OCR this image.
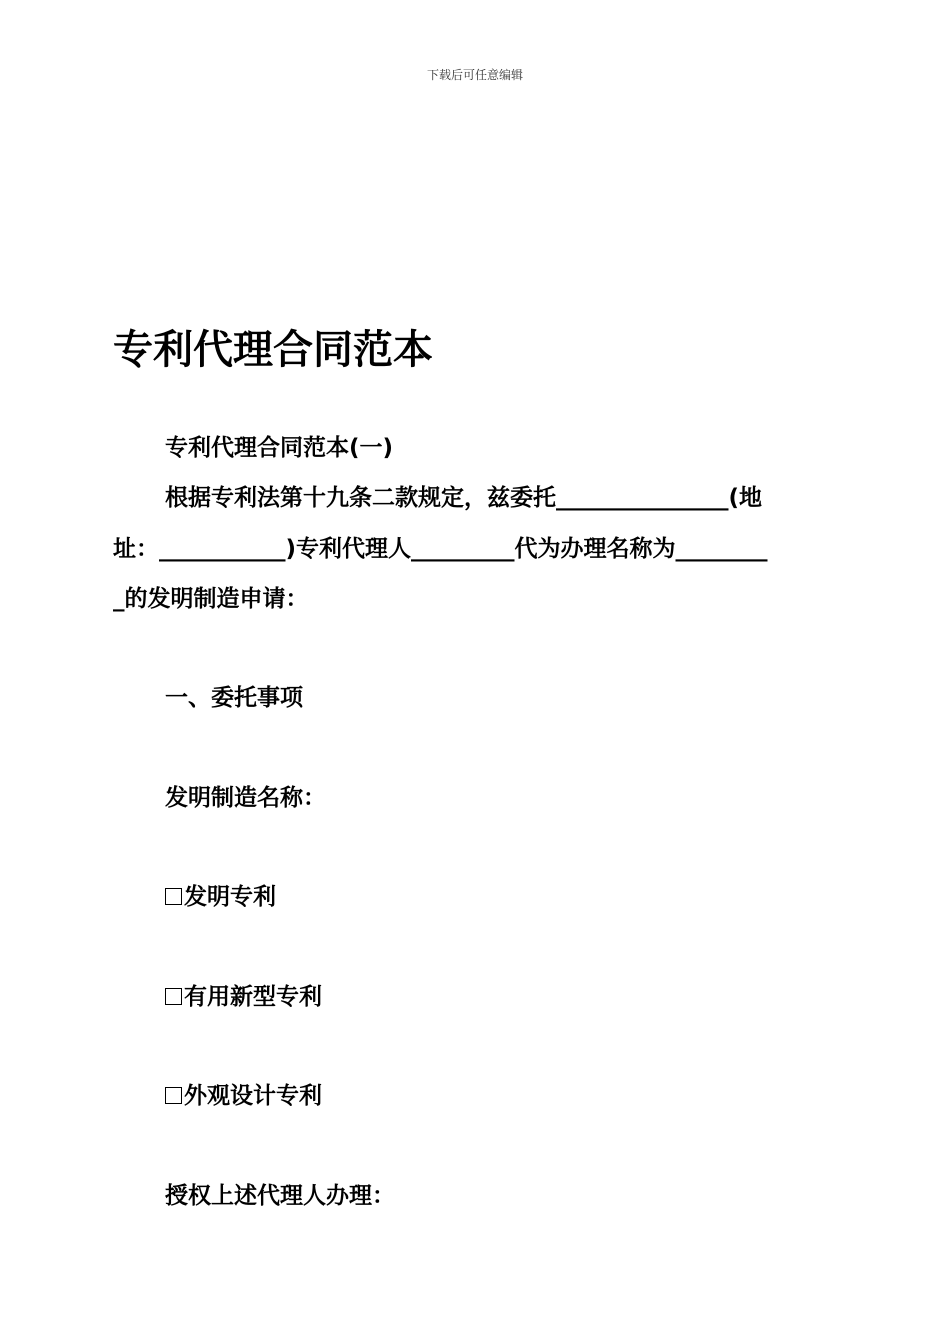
下载后可任意编辑
专利代理合同范本
专利代理合同范本(一)
根据专利法第十九条二款规定，兹委托_______________(地
址：___________)专利代理人_________代为办理名称为________
_的发明制造申请：
一、委托事项
发明制造名称：
发明专利
有用新型专利
外观设计专利
授权上述代理人办理：
